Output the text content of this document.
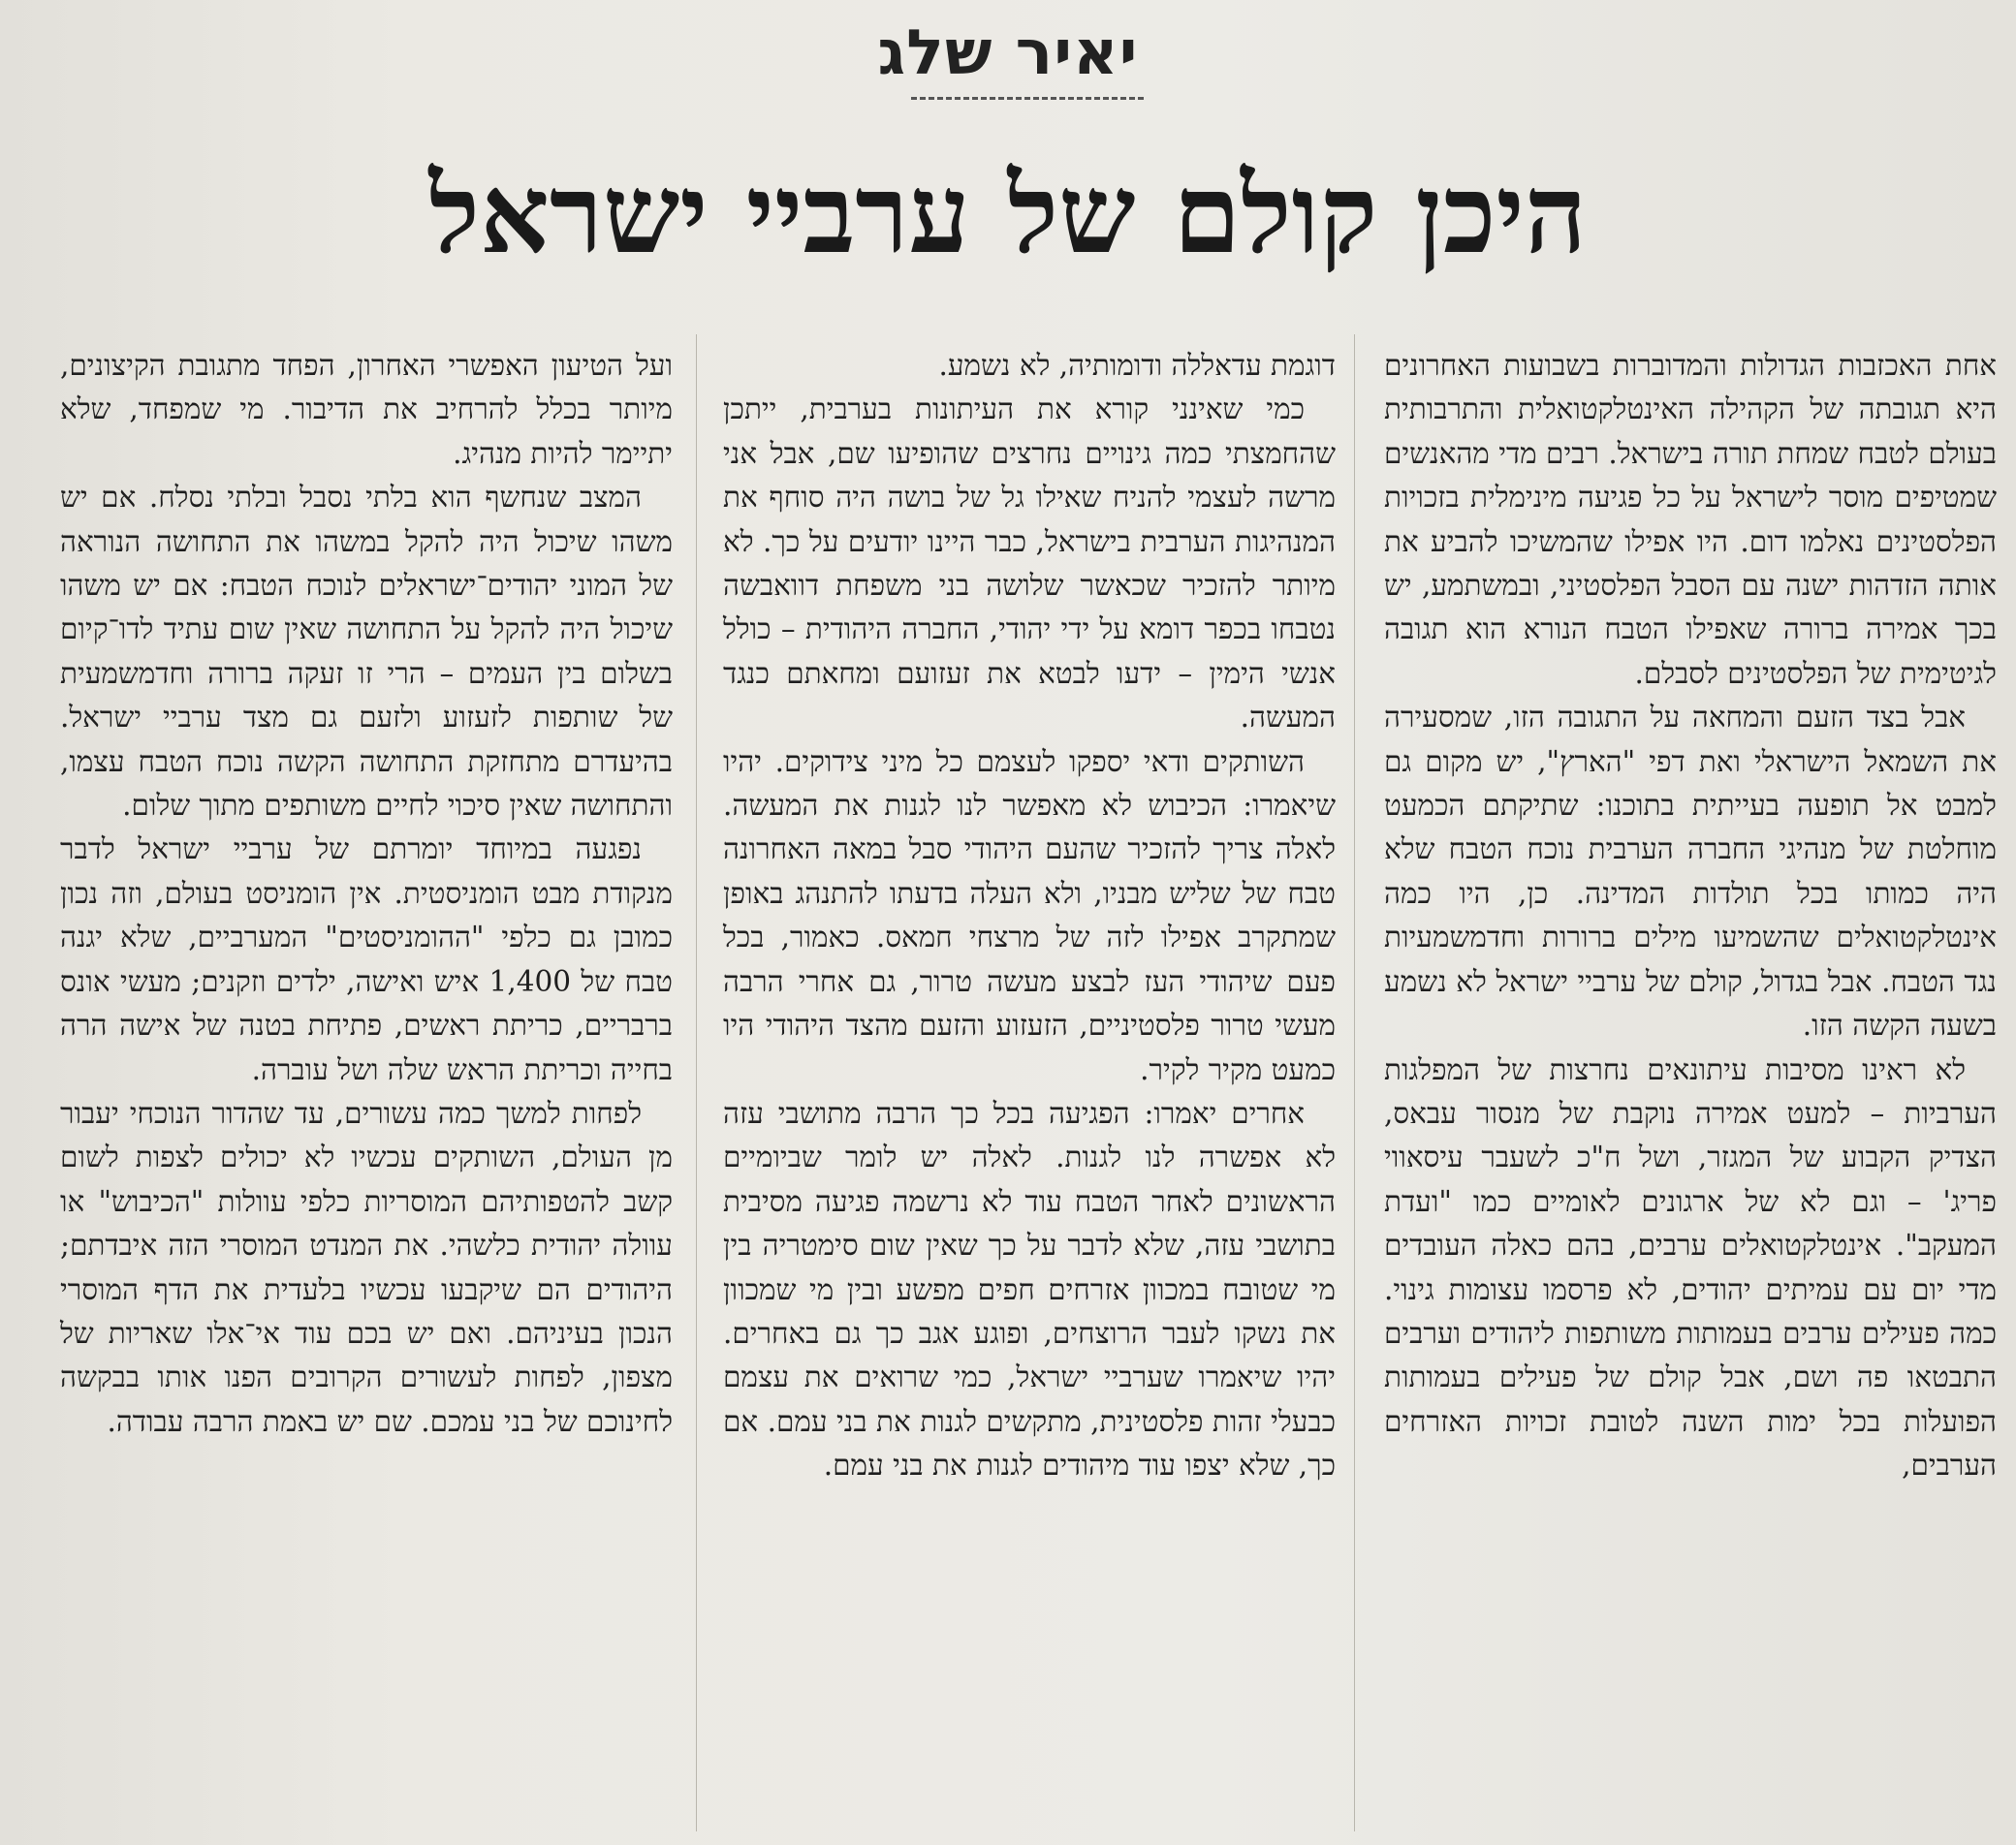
יאיר שלג
היכן קולם של ערביי ישראל

אחת האכזבות הגדולות והמדוברות בשבועות האחרונים היא תגובתה של הקהילה האינטלקטואלית והתרבותית בעולם לטבח שמחת תורה בישראל. רבים מדי מהאנשים שמטיפים מוסר לישראל על כל פגיעה מינימלית בזכויות הפלסטינים נאלמו דום. היו אפילו שהמשיכו להביע את אותה הזדהות ישנה עם הסבל הפלסטיני, ובמשתמע, יש בכך אמירה ברורה שאפילו הטבח הנורא הוא תגובה לגיטימית של הפלסטינים לסבלם.

אבל בצד הזעם והמחאה על התגובה הזו, שמסעירה את השמאל הישראלי ואת דפי "הארץ", יש מקום גם למבט אל תופעה בעייתית בתוכנו: שתיקתם הכמעט מוחלטת של מנהיגי החברה הערבית נוכח הטבח שלא היה כמותו בכל תולדות המדינה. כן, היו כמה אינטלקטואלים שהשמיעו מילים ברורות וחדמשמעיות נגד הטבח. אבל בגדול, קולם של ערביי ישראל לא נשמע בשעה הקשה הזו.

לא ראינו מסיבות עיתונאים נחרצות של המפלגות הערביות – למעט אמירה נוקבת של מנסור עבאס, הצדיק הקבוע של המגזר, ושל ח"כ לשעבר עיסאווי פריג' – וגם לא של ארגונים לאומיים כמו "ועדת המעקב". אינטלקטואלים ערבים, בהם כאלה העובדים מדי יום עם עמיתים יהודים, לא פרסמו עצומות גינוי. כמה פעילים ערבים בעמותות משותפות ליהודים וערבים התבטאו פה ושם, אבל קולם של פעילים בעמותות הפועלות בכל ימות השנה לטובת זכויות האזרחים הערבים,

דוגמת עדאללה ודומותיה, לא נשמע.

כמי שאינני קורא את העיתונות בערבית, ייתכן שהחמצתי כמה גינויים נחרצים שהופיעו שם, אבל אני מרשה לעצמי להניח שאילו גל של בושה היה סוחף את המנהיגות הערבית בישראל, כבר היינו יודעים על כך. לא מיותר להזכיר שכאשר שלושה בני משפחת דוואבשה נטבחו בכפר דומא על ידי יהודי, החברה היהודית – כולל אנשי הימין – ידעו לבטא את זעזועם ומחאתם כנגד המעשה.

השותקים ודאי יספקו לעצמם כל מיני צידוקים. יהיו שיאמרו: הכיבוש לא מאפשר לנו לגנות את המעשה. לאלה צריך להזכיר שהעם היהודי סבל במאה האחרונה טבח של שליש מבניו, ולא העלה בדעתו להתנהג באופן שמתקרב אפילו לזה של מרצחי חמאס. כאמור, בכל פעם שיהודי העז לבצע מעשה טרור, גם אחרי הרבה מעשי טרור פלסטיניים, הזעזוע והזעם מהצד היהודי היו כמעט מקיר לקיר.

אחרים יאמרו: הפגיעה בכל כך הרבה מתושבי עזה לא אפשרה לנו לגנות. לאלה יש לומר שביומיים הראשונים לאחר הטבח עוד לא נרשמה פגיעה מסיבית בתושבי עזה, שלא לדבר על כך שאין שום סימטריה בין מי שטובח במכוון אזרחים חפים מפשע ובין מי שמכוון את נשקו לעבר הרוצחים, ופוגע אגב כך גם באחרים. יהיו שיאמרו שערביי ישראל, כמי שרואים את עצמם כבעלי זהות פלסטינית, מתקשים לגנות את בני עמם. אם כך, שלא יצפו עוד מיהודים לגנות את בני עמם.

ועל הטיעון האפשרי האחרון, הפחד מתגובת הקיצונים, מיותר בכלל להרחיב את הדיבור. מי שמפחד, שלא יתיימר להיות מנהיג.

המצב שנחשף הוא בלתי נסבל ובלתי נסלח. אם יש משהו שיכול היה להקל במשהו את התחושה הנוראה של המוני יהודים־ישראלים לנוכח הטבח: אם יש משהו שיכול היה להקל על התחושה שאין שום עתיד לדו־קיום בשלום בין העמים – הרי זו זעקה ברורה וחדמשמעית של שותפות לזעזוע ולזעם גם מצד ערביי ישראל. בהיעדרם מתחזקת התחושה הקשה נוכח הטבח עצמו, והתחושה שאין סיכוי לחיים משותפים מתוך שלום.

נפגעה במיוחד יומרתם של ערביי ישראל לדבר מנקודת מבט הומניסטית. אין הומניסט בעולם, וזה נכון כמובן גם כלפי "ההומניסטים" המערביים, שלא יגנה טבח של 1,400 איש ואישה, ילדים וזקנים; מעשי אונס ברבריים, כריתת ראשים, פתיחת בטנה של אישה הרה בחייה וכריתת הראש שלה ושל עוברה.

לפחות למשך כמה עשורים, עד שהדור הנוכחי יעבור מן העולם, השותקים עכשיו לא יכולים לצפות לשום קשב להטפותיהם המוסריות כלפי עוולות "הכיבוש" או עוולה יהודית כלשהי. את המנדט המוסרי הזה איבדתם; היהודים הם שיקבעו עכשיו בלעדית את הדף המוסרי הנכון בעיניהם. ואם יש בכם עוד אי־אלו שאריות של מצפון, לפחות לעשורים הקרובים הפנו אותו בבקשה לחינוכם של בני עמכם. שם יש באמת הרבה עבודה.
